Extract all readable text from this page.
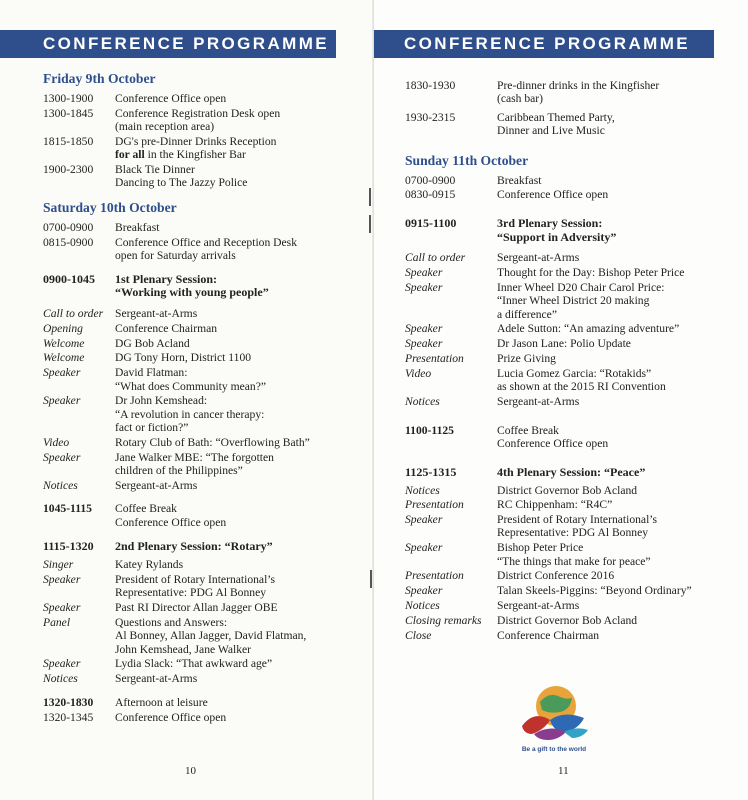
CONFERENCE PROGRAMME
Friday 9th October
1300-1900	Conference Office open
1300-1845	Conference Registration Desk open
(main reception area)
1815-1850	DG's pre-Dinner Drinks Reception
for all in the Kingfisher Bar
1900-2300	Black Tie Dinner
Dancing to The Jazzy Police
Saturday 10th October
0700-0900	Breakfast
0815-0900	Conference Office and Reception Desk
open for Saturday arrivals
0900-1045	1st Plenary Session:
“Working with young people”
Call to order	Sergeant-at-Arms
Opening	Conference Chairman
Welcome	DG Bob Acland
Welcome	DG Tony Horn, District 1100
Speaker	David Flatman:
“What does Community mean?”
Speaker	Dr John Kemshead:
“A revolution in cancer therapy:
fact or fiction?”
Video	Rotary Club of Bath: “Overflowing Bath”
Speaker	Jane Walker MBE: “The forgotten
children of the Philippines”
Notices	Sergeant-at-Arms
1045-1115	Coffee Break
Conference Office open
1115-1320	2nd Plenary Session: “Rotary”
Singer	Katey Rylands
Speaker	President of Rotary International’s
Representative: PDG Al Bonney
Speaker	Past RI Director Allan Jagger OBE
Panel	Questions and Answers:
Al Bonney, Allan Jagger, David Flatman,
John Kemshead, Jane Walker
Speaker	Lydia Slack: “That awkward age”
Notices	Sergeant-at-Arms
1320-1830	Afternoon at leisure
1320-1345	Conference Office open
10
CONFERENCE PROGRAMME
1830-1930	Pre-dinner drinks in the Kingfisher
(cash bar)
1930-2315	Caribbean Themed Party,
Dinner and Live Music
Sunday 11th October
0700-0900	Breakfast
0830-0915	Conference Office open
0915-1100	3rd Plenary Session:
“Support in Adversity”
Call to order	Sergeant-at-Arms
Speaker	Thought for the Day: Bishop Peter Price
Speaker	Inner Wheel D20 Chair Carol Price:
“Inner Wheel District 20 making
a difference”
Speaker	Adele Sutton: “An amazing adventure”
Speaker	Dr Jason Lane: Polio Update
Presentation	Prize Giving
Video	Lucia Gomez Garcia: “Rotakids”
as shown at the 2015 RI Convention
Notices	Sergeant-at-Arms
1100-1125	Coffee Break
Conference Office open
1125-1315	4th Plenary Session: “Peace”
Notices	District Governor Bob Acland
Presentation	RC Chippenham: “R4C”
Speaker	President of Rotary International’s
Representative: PDG Al Bonney
Speaker	Bishop Peter Price
“The things that make for peace”
Presentation	District Conference 2016
Speaker	Talan Skeels-Piggins: “Beyond Ordinary”
Notices	Sergeant-at-Arms
Closing remarks	District Governor Bob Acland
Close	Conference Chairman
Be a gift to the world
11
